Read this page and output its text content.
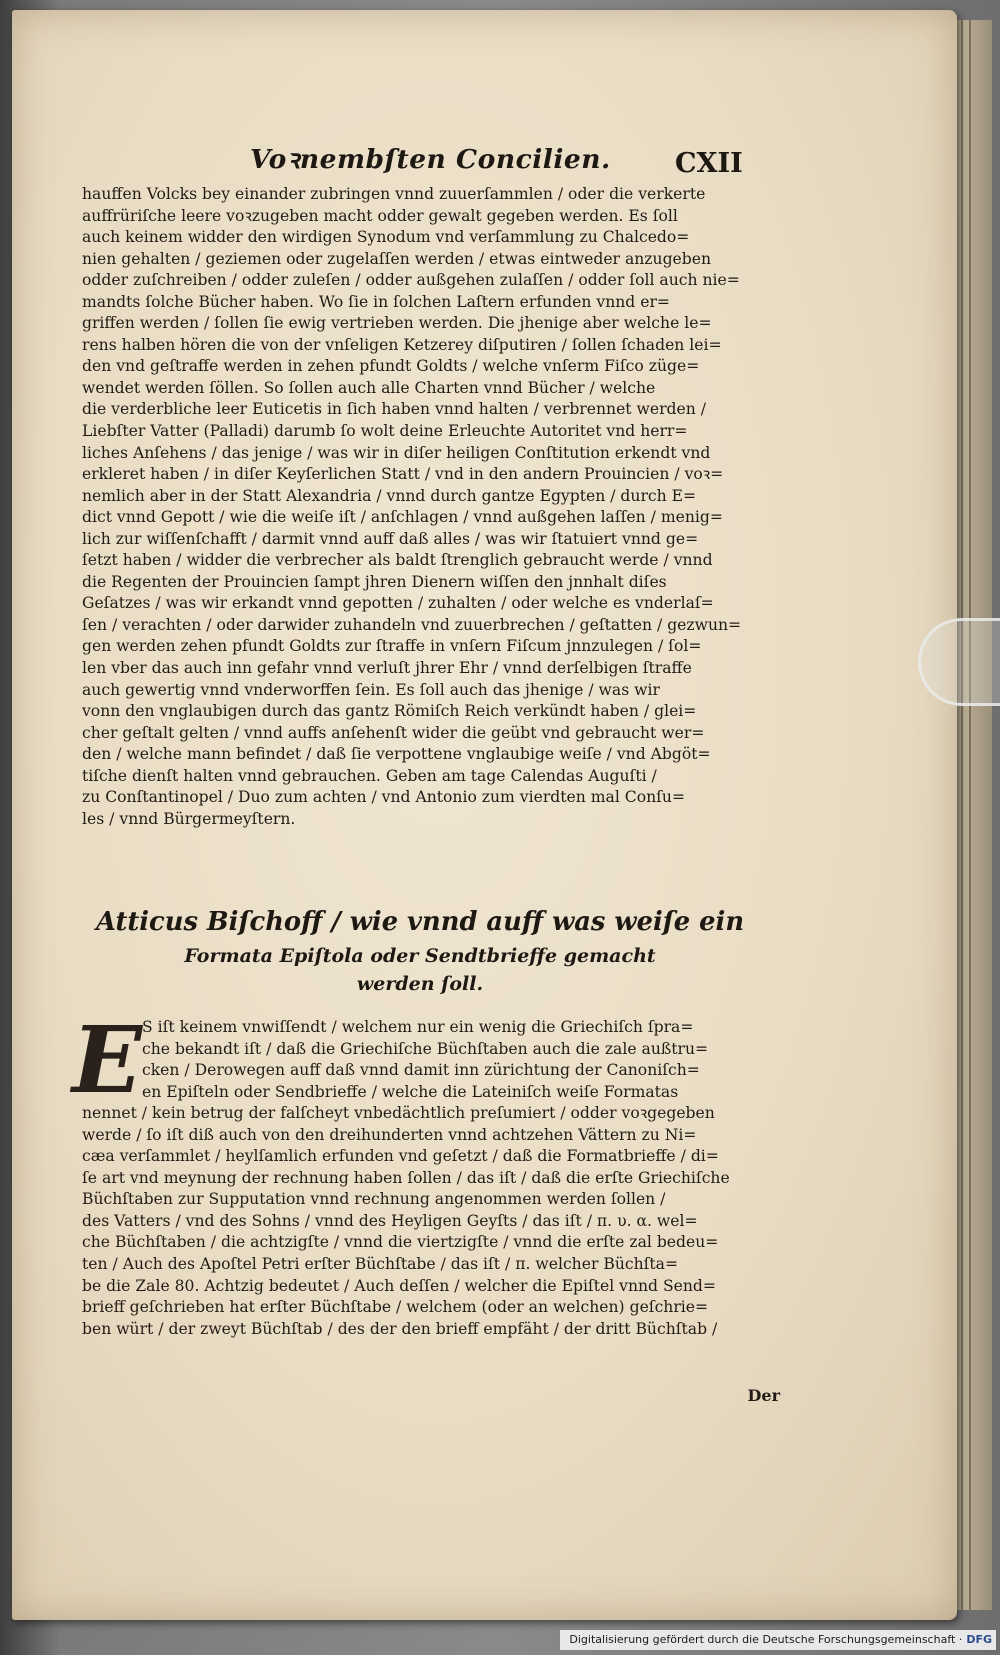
Voꝛnembſten Concilien. CXII
hauffen Volcks bey einander zubringen vnnd zuuerſammlen / oder die verkerte
auffrüriſche leere voꝛzugeben macht odder gewalt gegeben werden. Es ſoll
auch keinem widder den wirdigen Synodum vnd verſammlung zu Chalcedo=
nien gehalten / geziemen oder zugelaſſen werden / etwas eintweder anzugeben
odder zuſchreiben / odder zuleſen / odder außgehen zulaſſen / odder ſoll auch nie=
mandts ſolche Bücher haben. Wo ſie in ſolchen Laſtern erfunden vnnd er=
griffen werden / ſollen ſie ewig vertrieben werden. Die jhenige aber welche le=
rens halben hören die von der vnſeligen Ketzerey diſputiren / ſollen ſchaden lei=
den vnd geſtraffe werden in zehen pfundt Goldts / welche vnſerm Fiſco züge=
wendet werden ſöllen. So ſollen auch alle Charten vnnd Bücher / welche
die verderbliche leer Euticetis in ſich haben vnnd halten / verbrennet werden /
Liebſter Vatter (Palladi) darumb ſo wolt deine Erleuchte Autoritet vnd herr=
liches Anſehens / das jenige / was wir in diſer heiligen Conſtitution erkendt vnd
erkleret haben / in diſer Keyſerlichen Statt / vnd in den andern Prouincien / voꝛ=
nemlich aber in der Statt Alexandria / vnnd durch gantze Egypten / durch E=
dict vnnd Gepott / wie die weiſe iſt / anſchlagen / vnnd außgehen laſſen / menig=
lich zur wiſſenſchafft / darmit vnnd auff daß alles / was wir ſtatuiert vnnd ge=
ſetzt haben / widder die verbrecher als baldt ſtrenglich gebraucht werde / vnnd
die Regenten der Prouincien ſampt jhren Dienern wiſſen den jnnhalt diſes
Geſatzes / was wir erkandt vnnd gepotten / zuhalten / oder welche es vnderlaſ=
ſen / verachten / oder darwider zuhandeln vnd zuuerbrechen / geſtatten / gezwun=
gen werden zehen pfundt Goldts zur ſtraffe in vnſern Fiſcum jnnzulegen / ſol=
len vber das auch inn gefahr vnnd verluſt jhrer Ehr / vnnd derſelbigen ſtraffe
auch gewertig vnnd vnderworffen ſein. Es ſoll auch das jhenige / was wir
vonn den vnglaubigen durch das gantz Römiſch Reich verkündt haben / glei=
cher geſtalt gelten / vnnd auffs anſehenſt wider die geübt vnd gebraucht wer=
den / welche mann befindet / daß ſie verpottene vnglaubige weiſe / vnd Abgöt=
tiſche dienſt halten vnnd gebrauchen. Geben am tage Calendas Auguſti /
zu Conſtantinopel / Duo zum achten / vnd Antonio zum vierdten mal Conſu=
les / vnnd Bürgermeyſtern.
Atticus Biſchoff / wie vnnd auff was weiſe ein
Formata Epiſtola oder Sendtbrieffe gemacht
werden ſoll.
E S iſt keinem vnwiſſendt / welchem nur ein wenig die Griechiſch ſpra=
che bekandt iſt / daß die Griechiſche Büchſtaben auch die zale außtru=
cken / Derowegen auff daß vnnd damit inn zürichtung der Canoniſch=
en Epiſteln oder Sendbrieffe / welche die Lateiniſch weiſe Formatas
nennet / kein betrug der falſcheyt vnbedächtlich preſumiert / odder voꝛgegeben
werde / ſo iſt diß auch von den dreihunderten vnnd achtzehen Vättern zu Ni=
cæa verſammlet / heylſamlich erfunden vnd geſetzt / daß die Formatbrieffe / di=
ſe art vnd meynung der rechnung haben ſollen / das iſt / daß die erſte Griechiſche
Büchſtaben zur Supputation vnnd rechnung angenommen werden ſollen /
des Vatters / vnd des Sohns / vnnd des Heyligen Geyſts / das iſt / π. υ. α. wel=
che Büchſtaben / die achtzigſte / vnnd die viertzigſte / vnnd die erſte zal bedeu=
ten / Auch des Apoſtel Petri erſter Büchſtabe / das iſt / π. welcher Büchſta=
be die Zale 80. Achtzig bedeutet / Auch deſſen / welcher die Epiſtel vnnd Send=
brieff geſchrieben hat erſter Büchſtabe / welchem (oder an welchen) geſchrie=
ben würt / der zweyt Büchſtab / des der den brieff empfäht / der dritt Büchſtab /
Der
Digitalisierung gefördert durch die Deutsche Forschungsgemeinschaft · DFG
